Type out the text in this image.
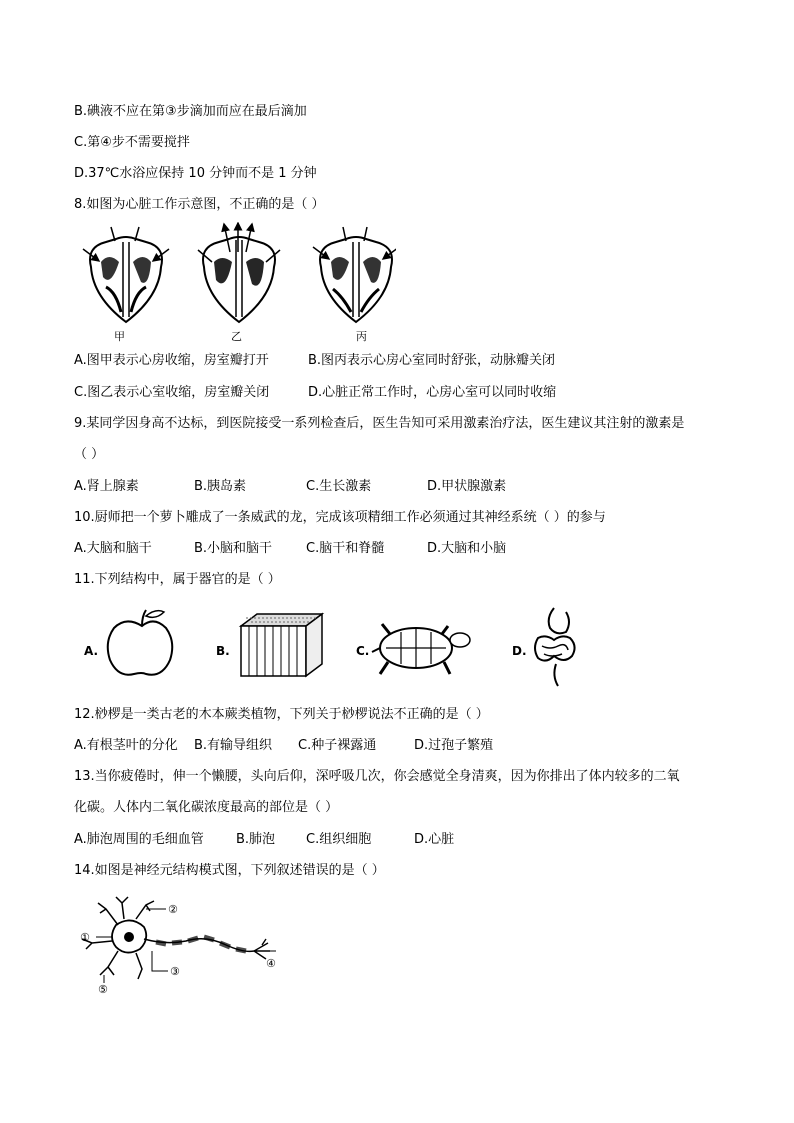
B.碘液不应在第③步滴加而应在最后滴加
C.第④步不需要搅拌
D.37℃水浴应保持 10 分钟而不是 1 分钟
8.如图为心脏工作示意图，不正确的是（ ）
甲	乙	丙
A.图甲表示心房收缩，房室瓣打开	B.图丙表示心房心室同时舒张，动脉瓣关闭
C.图乙表示心室收缩，房室瓣关闭	D.心脏正常工作时，心房心室可以同时收缩
9.某同学因身高不达标，到医院接受一系列检查后，医生告知可采用激素治疗法，医生建议其注射的激素是
（ ）
A.肾上腺素	B.胰岛素	C.生长激素	D.甲状腺激素
10.厨师把一个萝卜雕成了一条威武的龙，完成该项精细工作必须通过其神经系统（ ）的参与
A.大脑和脑干	B.小脑和脑干	C.脑干和脊髓	D.大脑和小脑
11.下列结构中，属于器官的是（ ）
A.	B.	C.	D.
12.桫椤是一类古老的木本蕨类植物，下列关于桫椤说法不正确的是（ ）
A.有根茎叶的分化 B.有输导组织 C.种子裸露通	D.过孢子繁殖
13.当你疲倦时，伸一个懒腰，头向后仰，深呼吸几次，你会感觉全身清爽，因为你排出了体内较多的二氧
化碳。人体内二氧化碳浓度最高的部位是（ ）
A.肺泡周围的毛细血管 B.肺泡 C.组织细胞	D.心脏
14.如图是神经元结构模式图，下列叙述错误的是（ ）
①
②
③
④
⑤
